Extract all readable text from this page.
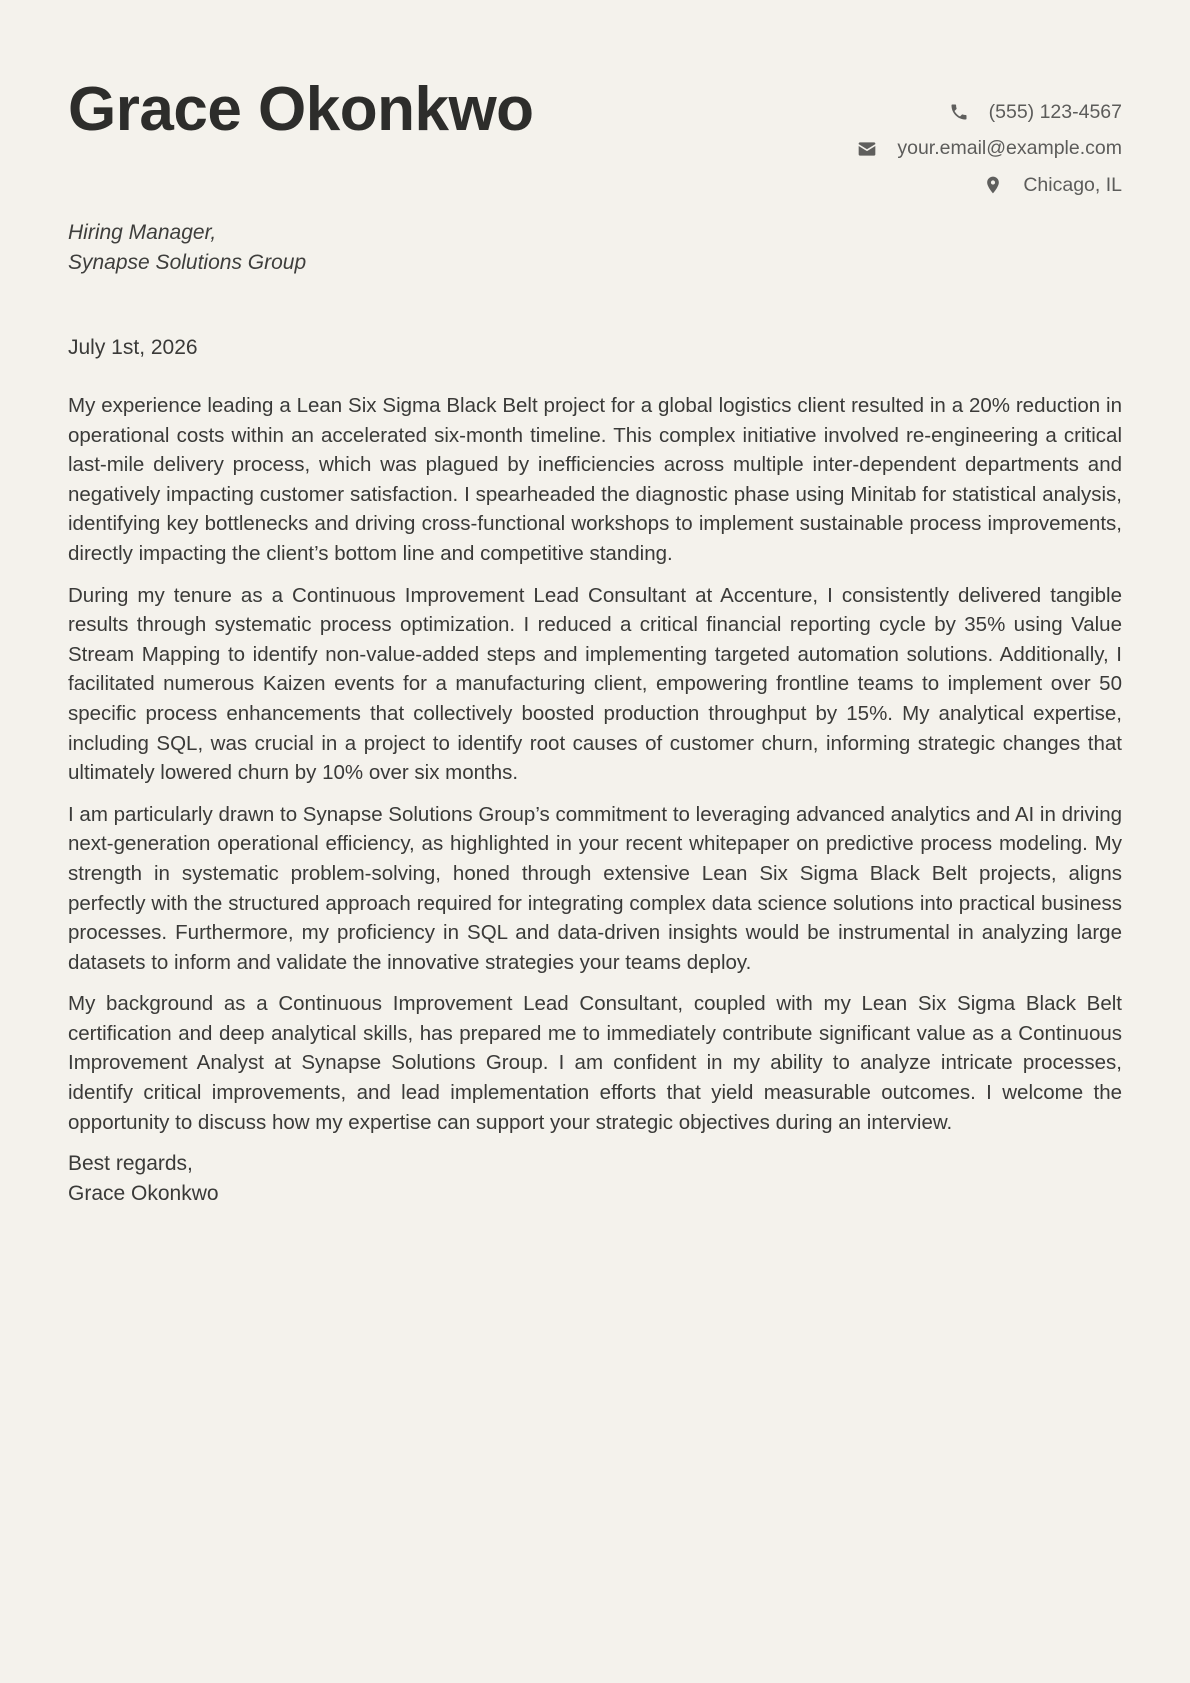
Grace Okonkwo	(555) 123-4567
your.email@example.com
Chicago, IL
Hiring Manager,
Synapse Solutions Group
July 1st, 2026

My experience leading a Lean Six Sigma Black Belt project for a global logistics client resulted in a 20% reduction in operational costs within an accelerated six-month timeline. This complex initiative involved re-engineering a critical last-mile delivery process, which was plagued by inefficiencies across multiple inter-dependent departments and negatively impacting customer satisfaction. I spearheaded the diagnostic phase using Minitab for statistical analysis, identifying key bottlenecks and driving cross-functional workshops to implement sustainable process improvements, directly impacting the client’s bottom line and competitive standing.

During my tenure as a Continuous Improvement Lead Consultant at Accenture, I consistently delivered tangible results through systematic process optimization. I reduced a critical financial reporting cycle by 35% using Value Stream Mapping to identify non-value-added steps and implementing targeted automation solutions. Additionally, I facilitated numerous Kaizen events for a manufacturing client, empowering frontline teams to implement over 50 specific process enhancements that collectively boosted production throughput by 15%. My analytical expertise, including SQL, was crucial in a project to identify root causes of customer churn, informing strategic changes that ultimately lowered churn by 10% over six months.

I am particularly drawn to Synapse Solutions Group’s commitment to leveraging advanced analytics and AI in driving next-generation operational efficiency, as highlighted in your recent whitepaper on predictive process modeling. My strength in systematic problem-solving, honed through extensive Lean Six Sigma Black Belt projects, aligns perfectly with the structured approach required for integrating complex data science solutions into practical business processes. Furthermore, my proficiency in SQL and data-driven insights would be instrumental in analyzing large datasets to inform and validate the innovative strategies your teams deploy.

My background as a Continuous Improvement Lead Consultant, coupled with my Lean Six Sigma Black Belt certification and deep analytical skills, has prepared me to immediately contribute significant value as a Continuous Improvement Analyst at Synapse Solutions Group. I am confident in my ability to analyze intricate processes, identify critical improvements, and lead implementation efforts that yield measurable outcomes. I welcome the opportunity to discuss how my expertise can support your strategic objectives during an interview.

Best regards,
Grace Okonkwo
